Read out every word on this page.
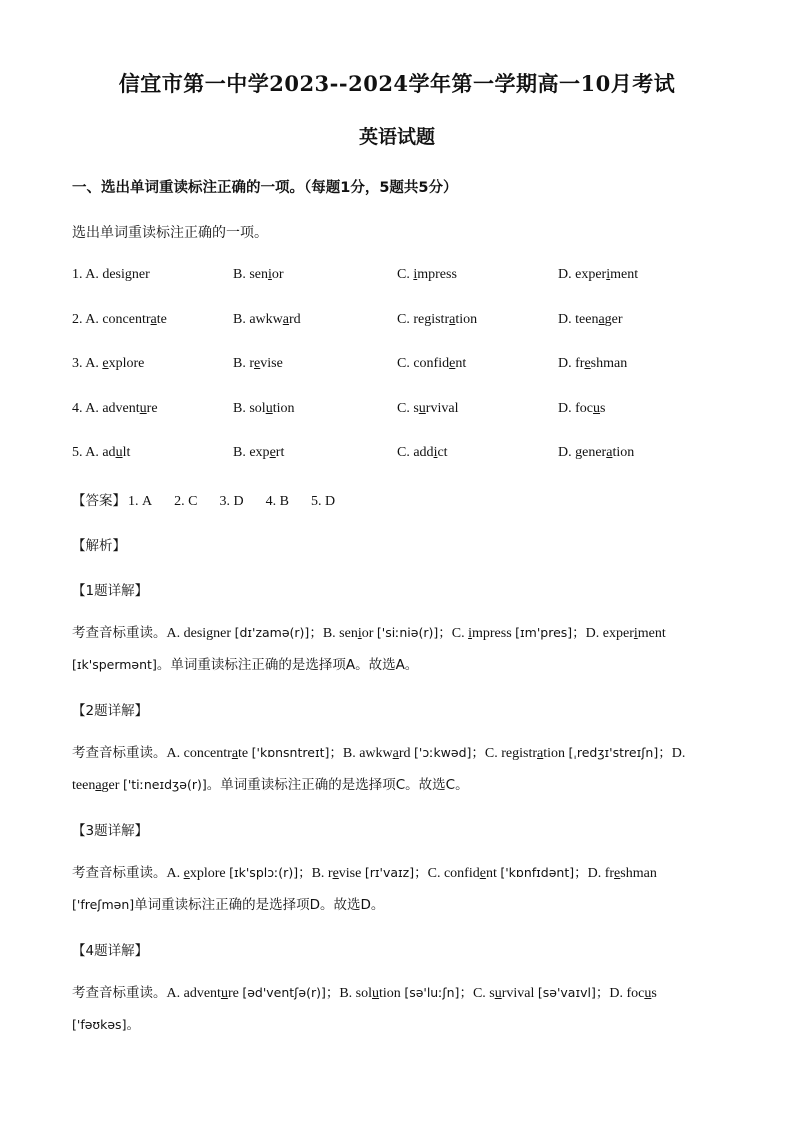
信宜市第一中学2023--2024学年第一学期高一10月考试
英语试题
一、选出单词重读标注正确的一项。（每题1分，5题共5分）
选出单词重读标注正确的一项。
1. A. designer	B. senior	C. impress	D. experiment
2. A. concentrate	B. awkward	C. registration	D. teenager
3. A. explore	B. revise	C. confident	D. freshman
4. A. adventure	B. solution	C. survival	D. focus
5. A. adult	B. expert	C. addict	D. generation
【答案】 1. A 2. C 3. D 4. B 5. D
【解析】
【1题详解】
考查音标重读。A. designer [dɪ'zamə(r)]；B. senior ['siːniə(r)]；C. impress [ɪm'pres]；D. experiment [ɪk'spermənt]。单词重读标注正确的是选择项A。故选A。
【2题详解】
考查音标重读。A. concentrate ['kɒnsntreɪt]；B. awkward ['ɔːkwəd]；C. registration [ˌredʒɪ'streɪʃn]；D. teenager ['tiːneɪdʒə(r)]。单词重读标注正确的是选择项C。故选C。
【3题详解】
考查音标重读。A. explore [ɪk'splɔː(r)]；B. revise [rɪ'vaɪz]；C. confident ['kɒnfɪdənt]；D. freshman ['freʃmən]单词重读标注正确的是选择项D。故选D。
【4题详解】
考查音标重读。A. adventure [əd'ventʃə(r)]；B. solution [sə'luːʃn]；C. survival [sə'vaɪvl]；D. focus ['fəʊkəs]。
